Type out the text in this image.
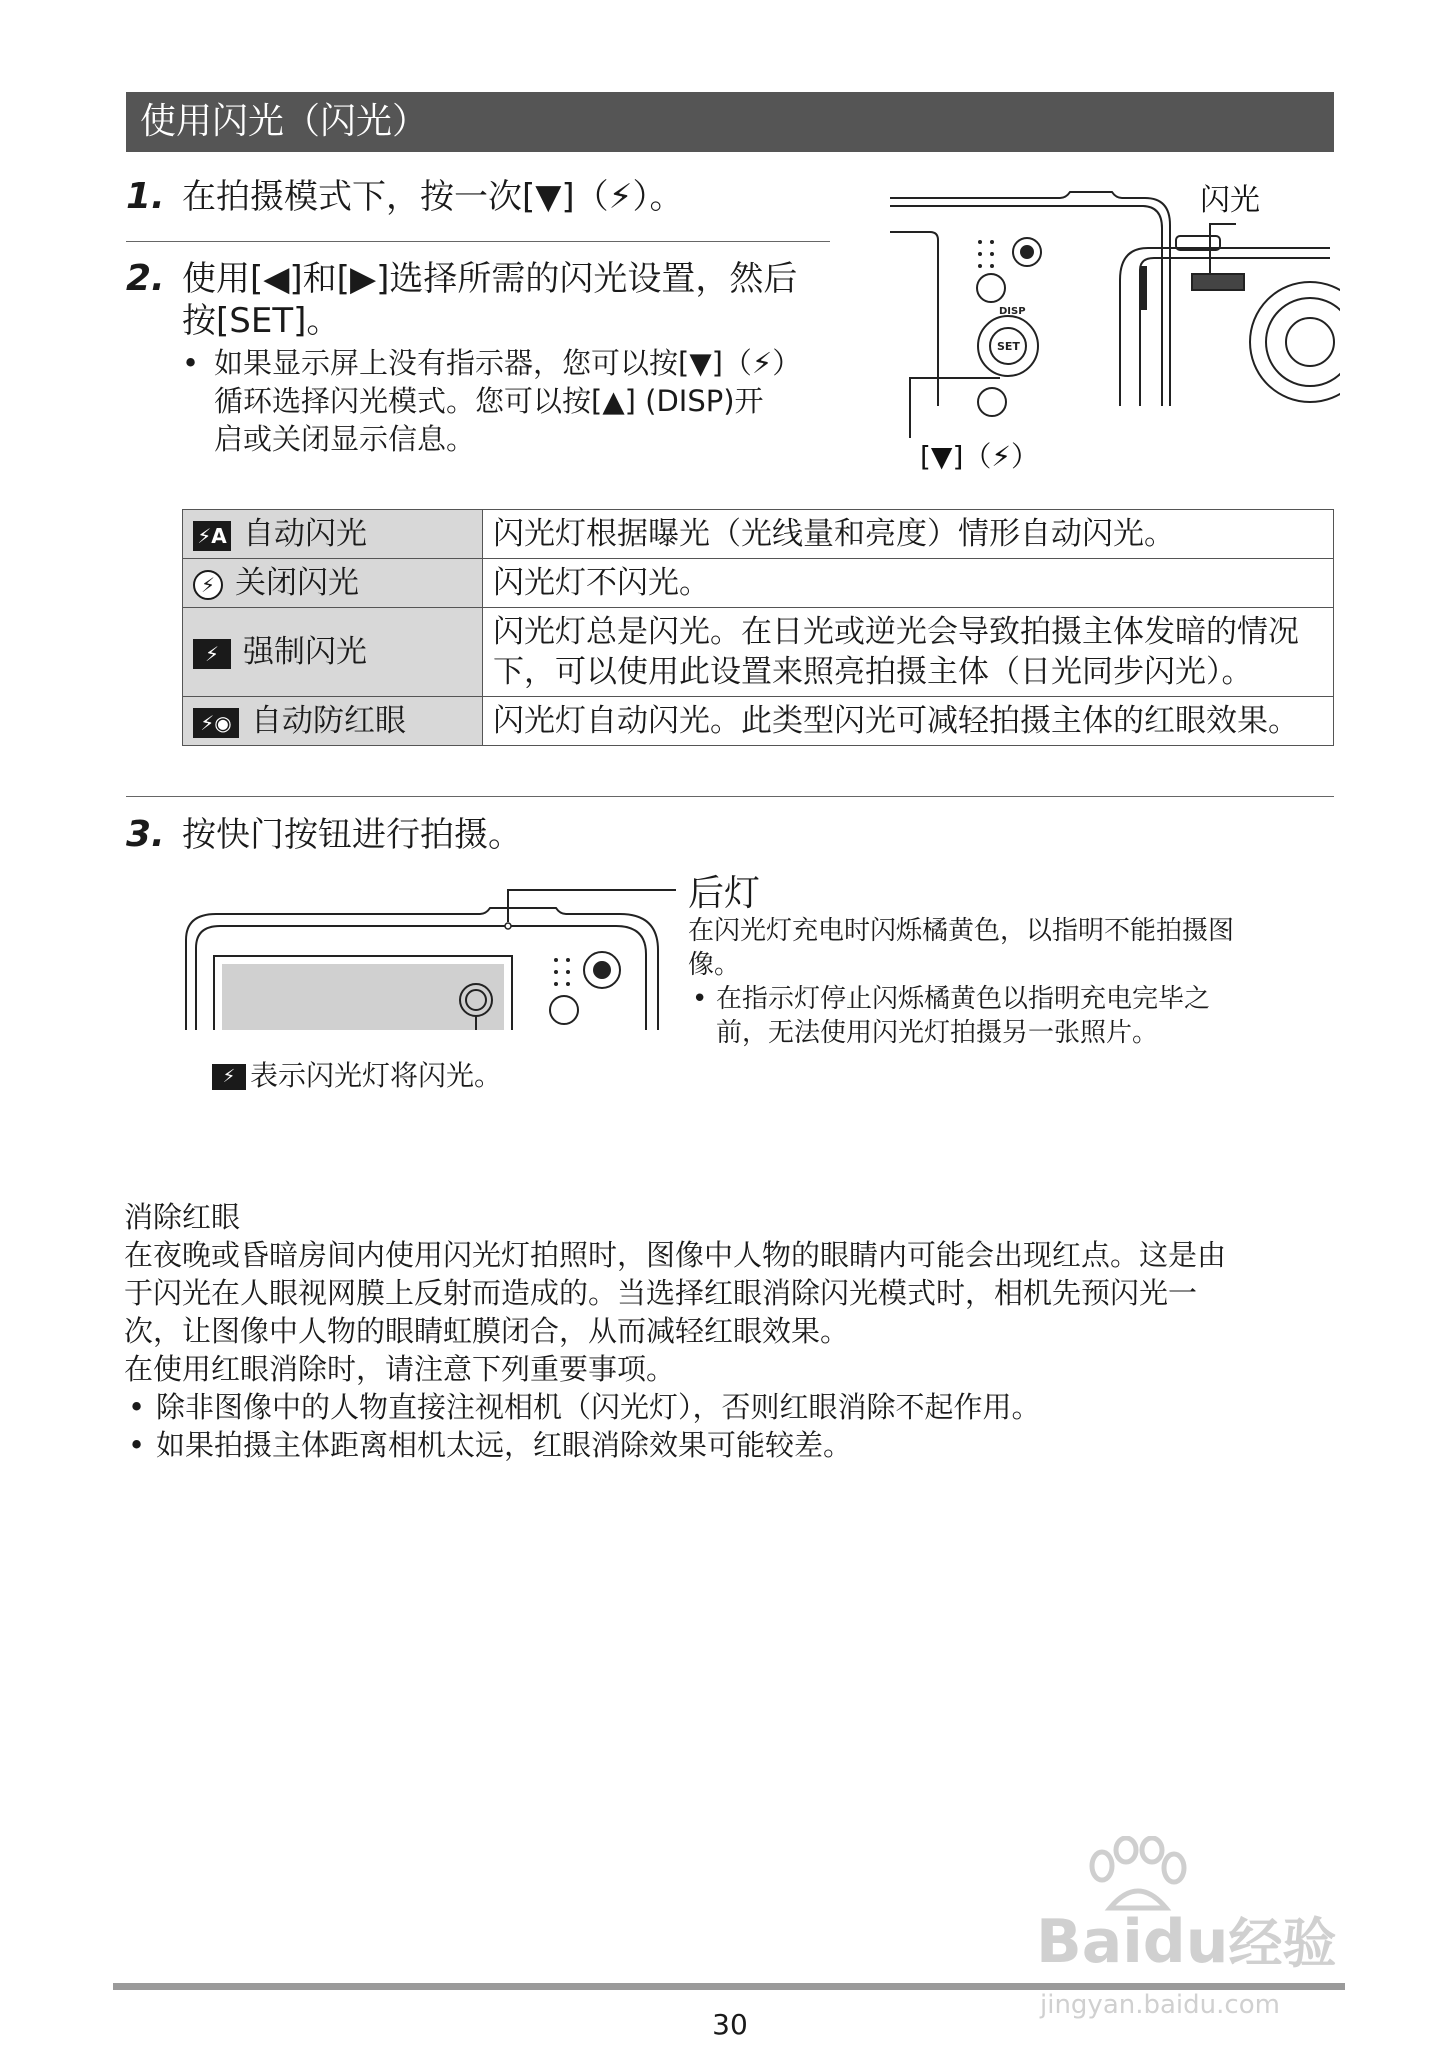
使用闪光（闪光）
1. 在拍摄模式下，按一次[▼]（⚡）。
2. 使用[◀]和[▶]选择所需的闪光设置，然后
按[SET]。
• 如果显示屏上没有指示器，您可以按[▼]（⚡）
循环选择闪光模式。您可以按[▲] (DISP)开
启或关闭显示信息。
DISP
SET
[▼]（⚡）
闪光
⚡A 自动闪光	闪光灯根据曝光（光线量和亮度）情形自动闪光。
⚡ 关闭闪光	闪光灯不闪光。
⚡ 强制闪光	闪光灯总是闪光。在日光或逆光会导致拍摄主体发暗的情况下，可以使用此设置来照亮拍摄主体（日光同步闪光）。
⚡◉ 自动防红眼	闪光灯自动闪光。此类型闪光可减轻拍摄主体的红眼效果。
3. 按快门按钮进行拍摄。
后灯
在闪光灯充电时闪烁橘黄色，以指明不能拍摄图
像。
• 在指示灯停止闪烁橘黄色以指明充电完毕之
前，无法使用闪光灯拍摄另一张照片。
⚡ 表示闪光灯将闪光。
消除红眼
在夜晚或昏暗房间内使用闪光灯拍照时，图像中人物的眼睛内可能会出现红点。这是由
于闪光在人眼视网膜上反射而造成的。当选择红眼消除闪光模式时，相机先预闪光一
次，让图像中人物的眼睛虹膜闭合，从而减轻红眼效果。
在使用红眼消除时，请注意下列重要事项。
• 除非图像中的人物直接注视相机（闪光灯），否则红眼消除不起作用。
• 如果拍摄主体距离相机太远，红眼消除效果可能较差。
Baidu经验
jingyan.baidu.com
30
